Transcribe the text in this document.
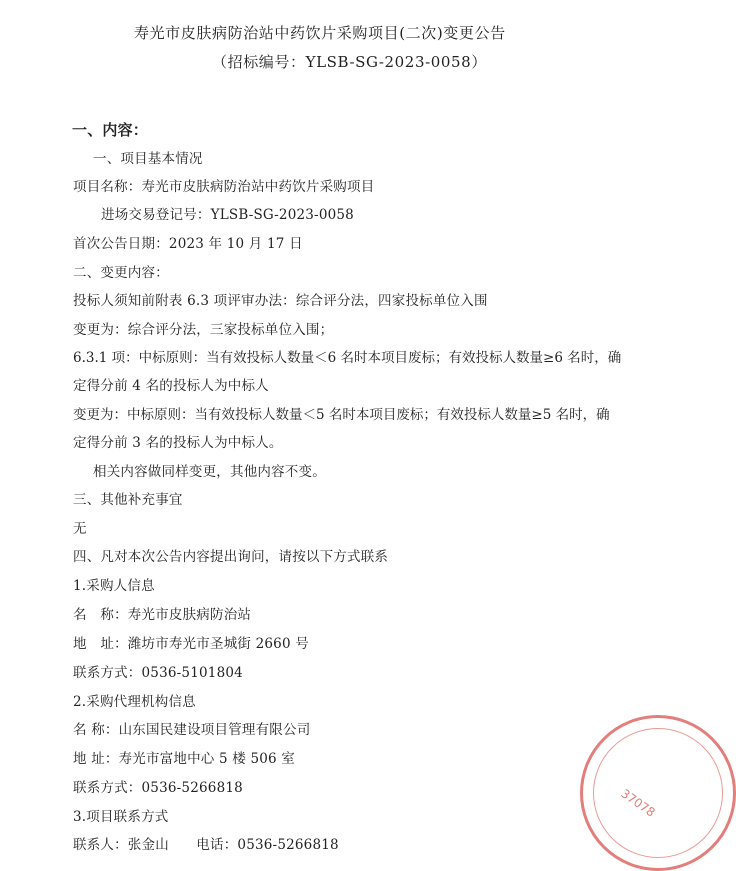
寿光市皮肤病防治站中药饮片采购项目(二次)变更公告
（招标编号：YLSB-SG-2023-0058）
一、内容：
一、项目基本情况
项目名称：寿光市皮肤病防治站中药饮片采购项目
进场交易登记号：YLSB-SG-2023-0058
首次公告日期：2023 年 10 月 17 日
二、变更内容：
投标人须知前附表 6.3 项评审办法：综合评分法，四家投标单位入围
变更为：综合评分法，三家投标单位入围；
6.3.1 项：中标原则：当有效投标人数量＜6 名时本项目废标；有效投标人数量≥6 名时，确
定得分前 4 名的投标人为中标人
变更为：中标原则：当有效投标人数量＜5 名时本项目废标；有效投标人数量≥5 名时，确
定得分前 3 名的投标人为中标人。
相关内容做同样变更，其他内容不变。
三、其他补充事宜
无
四、凡对本次公告内容提出询问，请按以下方式联系
1.采购人信息
名　称：寿光市皮肤病防治站
地　址：潍坊市寿光市圣城街 2660 号
联系方式：0536-5101804
2.采购代理机构信息
名 称：山东国民建设项目管理有限公司
地 址：寿光市富地中心 5 楼 506 室
联系方式：0536-5266818
3.项目联系方式
联系人：张金山　　电话：0536-5266818
37078
